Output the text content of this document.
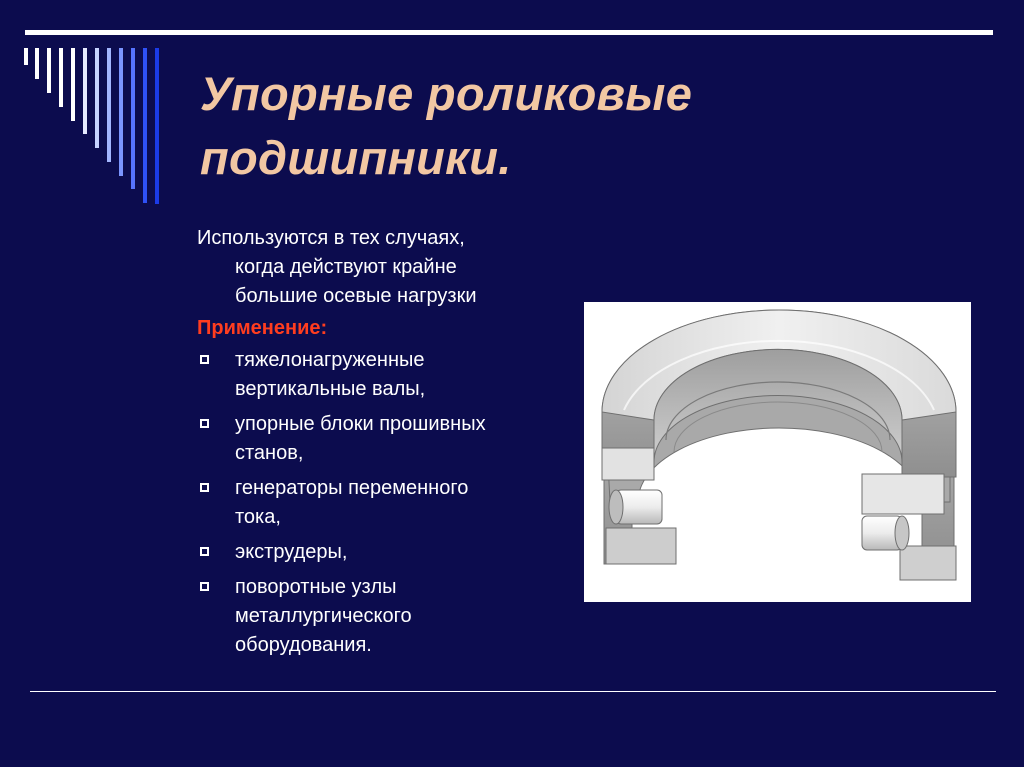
Упорные роликовые
подшипники.
Используются в тех случаях,
когда действуют крайне
большие осевые нагрузки
Применение:
тяжелонагруженные
вертикальные валы,
упорные блоки прошивных
станов,
генераторы переменного
тока,
экструдеры,
поворотные узлы
металлургического
оборудования.
